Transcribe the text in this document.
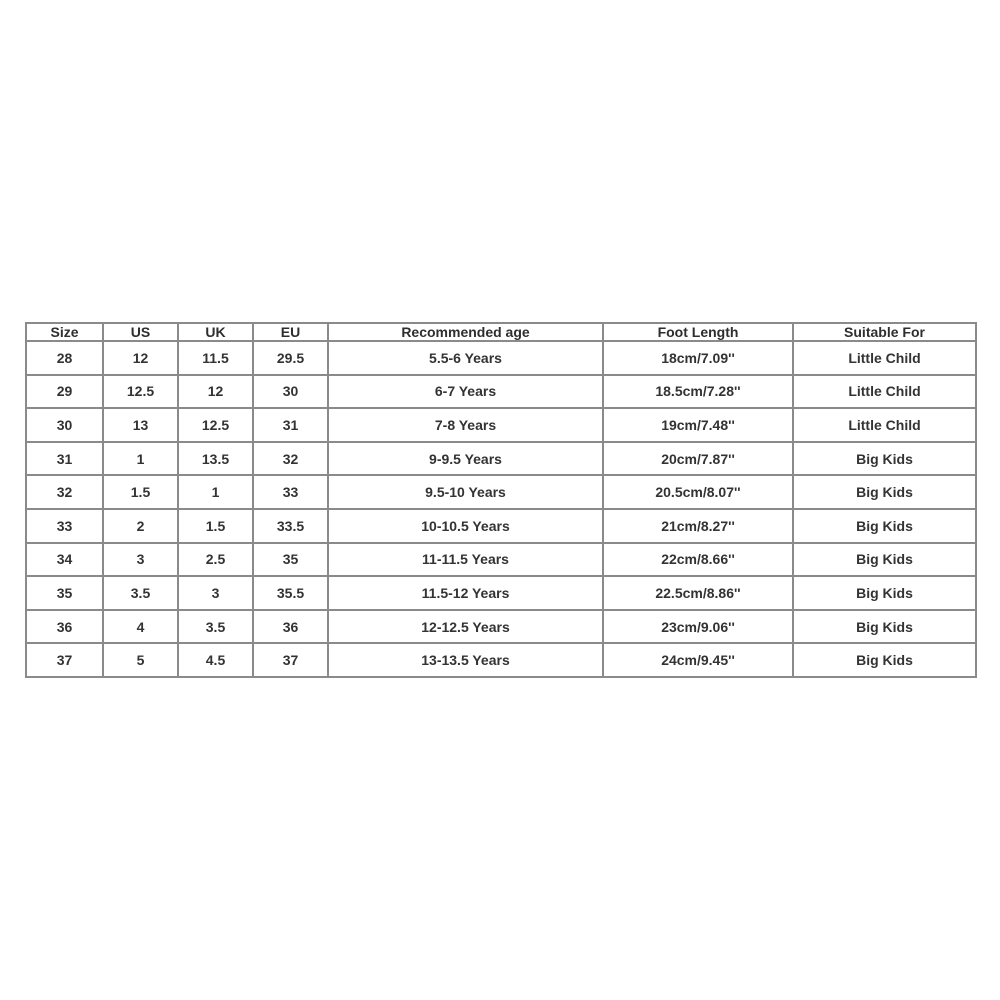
Size	US	UK	EU	Recommended age	Foot Length	Suitable For
28	12	11.5	29.5	5.5-6 Years	18cm/7.09''	Little Child
29	12.5	12	30	6-7 Years	18.5cm/7.28''	Little Child
30	13	12.5	31	7-8 Years	19cm/7.48''	Little Child
31	1	13.5	32	9-9.5 Years	20cm/7.87''	Big Kids
32	1.5	1	33	9.5-10 Years	20.5cm/8.07''	Big Kids
33	2	1.5	33.5	10-10.5 Years	21cm/8.27''	Big Kids
34	3	2.5	35	11-11.5 Years	22cm/8.66''	Big Kids
35	3.5	3	35.5	11.5-12 Years	22.5cm/8.86''	Big Kids
36	4	3.5	36	12-12.5 Years	23cm/9.06''	Big Kids
37	5	4.5	37	13-13.5 Years	24cm/9.45''	Big Kids
